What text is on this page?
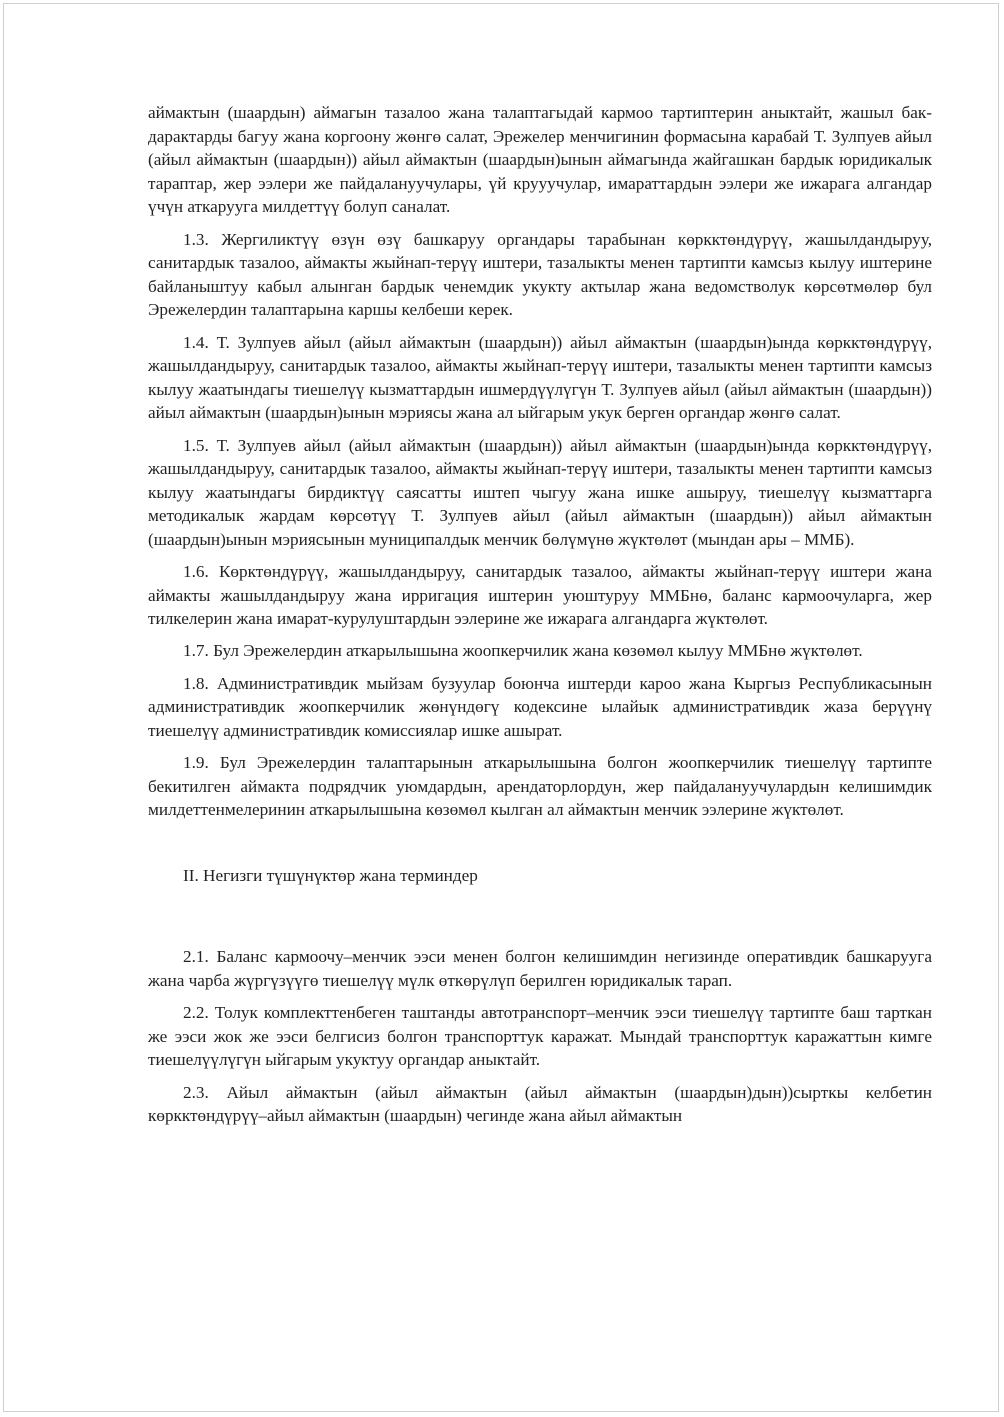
аймактын (шаардын) аймагын тазалоо жана талаптагыдай кармоо тартиптерин аныктайт, жашыл бак-дарактарды багуу жана коргоону жөнгө салат, Эрежелер менчигинин формасына карабай Т. Зулпуев айыл (айыл аймактын (шаардын)) айыл аймактын (шаардын)ынын аймагында жайгашкан бардык юридикалык тараптар, жер ээлери же пайдалануучулары, үй крууучулар, имараттардын ээлери же ижарага алгандар үчүн аткарууга милдеттүү болуп саналат.

1.3. Жергиликтүү өзүн өзү башкаруу органдары тарабынан көркктөндүрүү, жашылдандыруу, санитардык тазалоо, аймакты жыйнап-терүү иштери, тазалыкты менен тартипти камсыз кылуу иштерине байланыштуу кабыл алынган бардык ченемдик укукту актылар жана ведомстволук көрсөтмөлөр бул Эрежелердин талаптарына каршы келбеши керек.

1.4. Т. Зулпуев айыл (айыл аймактын (шаардын)) айыл аймактын (шаардын)ында көркктөндүрүү, жашылдандыруу, санитардык тазалоо, аймакты жыйнап-терүү иштери, тазалыкты менен тартипти камсыз кылуу жаатындагы тиешелүү кызматтардын ишмердүүлүгүн Т. Зулпуев айыл (айыл аймактын (шаардын)) айыл аймактын (шаардын)ынын мэриясы жана ал ыйгарым укук берген органдар жөнгө салат.

1.5. Т. Зулпуев айыл (айыл аймактын (шаардын)) айыл аймактын (шаардын)ында көркктөндүрүү, жашылдандыруу, санитардык тазалоо, аймакты жыйнап-терүү иштери, тазалыкты менен тартипти камсыз кылуу жаатындагы бирдиктүү саясатты иштеп чыгуу жана ишке ашыруу, тиешелүү кызматтарга методикалык жардам көрсөтүү Т. Зулпуев айыл (айыл аймактын (шаардын)) айыл аймактын (шаардын)ынын мэриясынын муниципалдык менчик бөлүмүнө жүктөлөт (мындан ары – ММБ).

1.6. Көрктөндүрүү, жашылдандыруу, санитардык тазалоо, аймакты жыйнап-терүү иштери жана аймакты жашылдандыруу жана ирригация иштерин уюштуруу ММБнө, баланс кармоочуларга, жер тилкелерин жана имарат-курулуштардын ээлерине же ижарага алгандарга жүктөлөт.

1.7. Бул Эрежелердин аткарылышына жоопкерчилик жана көзөмөл кылуу ММБнө жүктөлөт.

1.8. Административдик мыйзам бузуулар боюнча иштерди кароо жана Кыргыз Республикасынын административдик жоопкерчилик жөнүндөгү кодексине ылайык административдик жаза берүүнү тиешелүү административдик комиссиялар ишке ашырат.

1.9. Бул Эрежелердин талаптарынын аткарылышына болгон жоопкерчилик тиешелүү тартипте бекитилген аймакта подрядчик уюмдардын, арендаторлордун, жер пайдалануучулардын келишимдик милдеттенмелеринин аткарылышына көзөмөл кылган ал аймактын менчик ээлерине жүктөлөт.

II. Негизги түшүнүктөр жана терминдер

2.1. Баланс кармоочу–менчик ээси менен болгон келишимдин негизинде оперативдик башкарууга жана чарба жүргүзүүгө тиешелүү мүлк өткөрүлүп берилген юридикалык тарап.

2.2. Толук комплекттенбеген таштанды автотранспорт–менчик ээси тиешелүү тартипте баш тарткан же ээси жок же ээси белгисиз болгон транспорттук каражат. Мындай транспорттук каражаттын кимге тиешелүүлүгүн ыйгарым укуктуу органдар аныктайт.

2.3. Айыл аймактын (айыл аймактын (айыл аймактын (шаардын)дын))сырткы келбетин көркктөндүрүү–айыл аймактын (шаардын) чегинде жана айыл аймактын
